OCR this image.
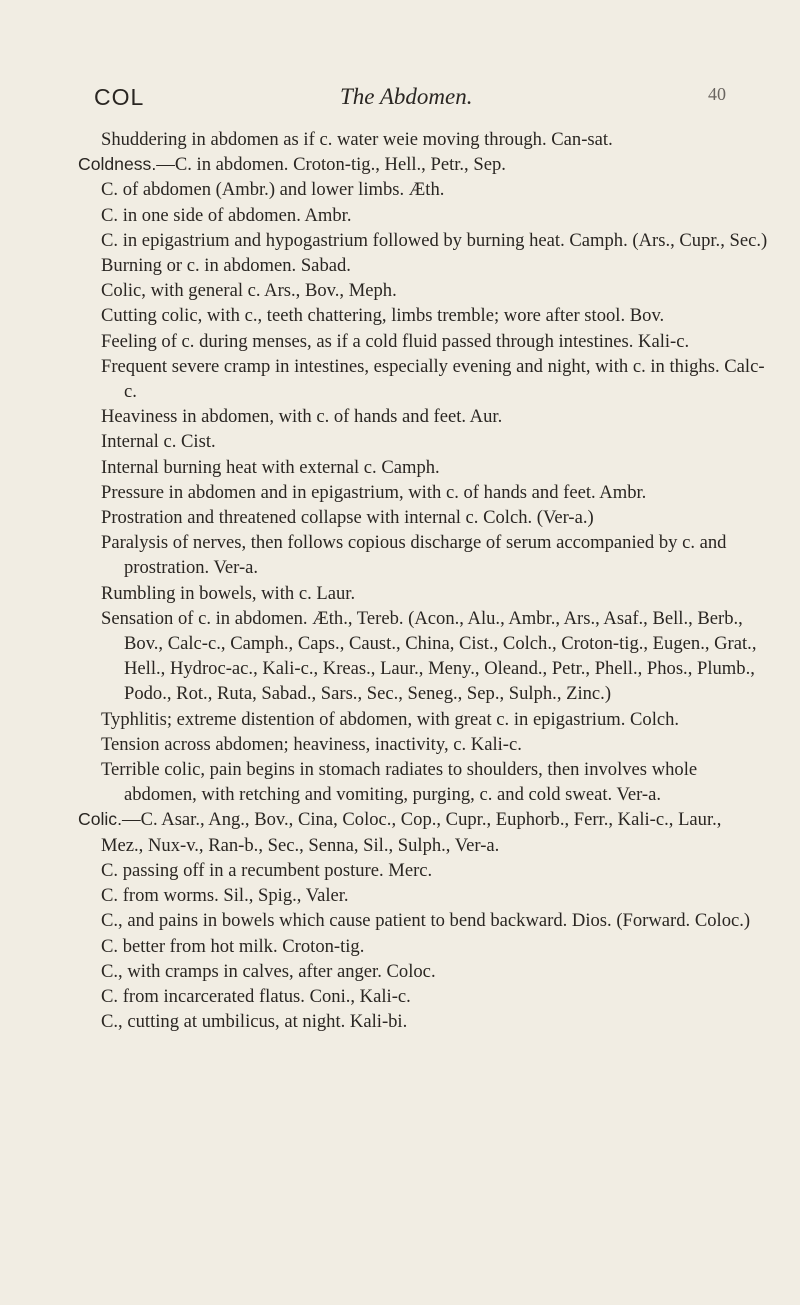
COL	The Abdomen.	40

Shuddering in abdomen as if c. water weie moving through. Can-sat.

Coldness.—C. in abdomen. Croton-tig., Hell., Petr., Sep.

C. of abdomen (Ambr.) and lower limbs. Æth.

C. in one side of abdomen. Ambr.

C. in epigastrium and hypogastrium followed by burning heat. Camph. (Ars., Cupr., Sec.)

Burning or c. in abdomen. Sabad.

Colic, with general c. Ars., Bov., Meph.

Cutting colic, with c., teeth chattering, limbs tremble; wore after stool. Bov.

Feeling of c. during menses, as if a cold fluid passed through intestines. Kali-c.

Frequent severe cramp in intestines, especially evening and night, with c. in thighs. Calc-c.

Heaviness in abdomen, with c. of hands and feet. Aur.

Internal c. Cist.

Internal burning heat with external c. Camph.

Pressure in abdomen and in epigastrium, with c. of hands and feet. Ambr.

Prostration and threatened collapse with internal c. Colch. (Ver-a.)

Paralysis of nerves, then follows copious discharge of serum accompanied by c. and prostration. Ver-a.

Rumbling in bowels, with c. Laur.

Sensation of c. in abdomen. Æth., Tereb. (Acon., Alu., Ambr., Ars., Asaf., Bell., Berb., Bov., Calc-c., Camph., Caps., Caust., China, Cist., Colch., Croton-tig., Eugen., Grat., Hell., Hydroc-ac., Kali-c., Kreas., Laur., Meny., Oleand., Petr., Phell., Phos., Plumb., Podo., Rot., Ruta, Sabad., Sars., Sec., Seneg., Sep., Sulph., Zinc.)

Typhlitis; extreme distention of abdomen, with great c. in epigastrium. Colch.

Tension across abdomen; heaviness, inactivity, c. Kali-c.

Terrible colic, pain begins in stomach radiates to shoulders, then involves whole abdomen, with retching and vomiting, purging, c. and cold sweat. Ver-a.

Colic.—C. Asar., Ang., Bov., Cina, Coloc., Cop., Cupr., Euphorb., Ferr., Kali-c., Laur., Mez., Nux-v., Ran-b., Sec., Senna, Sil., Sulph., Ver-a.

C. passing off in a recumbent posture. Merc.

C. from worms. Sil., Spig., Valer.

C., and pains in bowels which cause patient to bend backward. Dios. (Forward. Coloc.)

C. better from hot milk. Croton-tig.

C., with cramps in calves, after anger. Coloc.

C. from incarcerated flatus. Coni., Kali-c.

C., cutting at umbilicus, at night. Kali-bi.
